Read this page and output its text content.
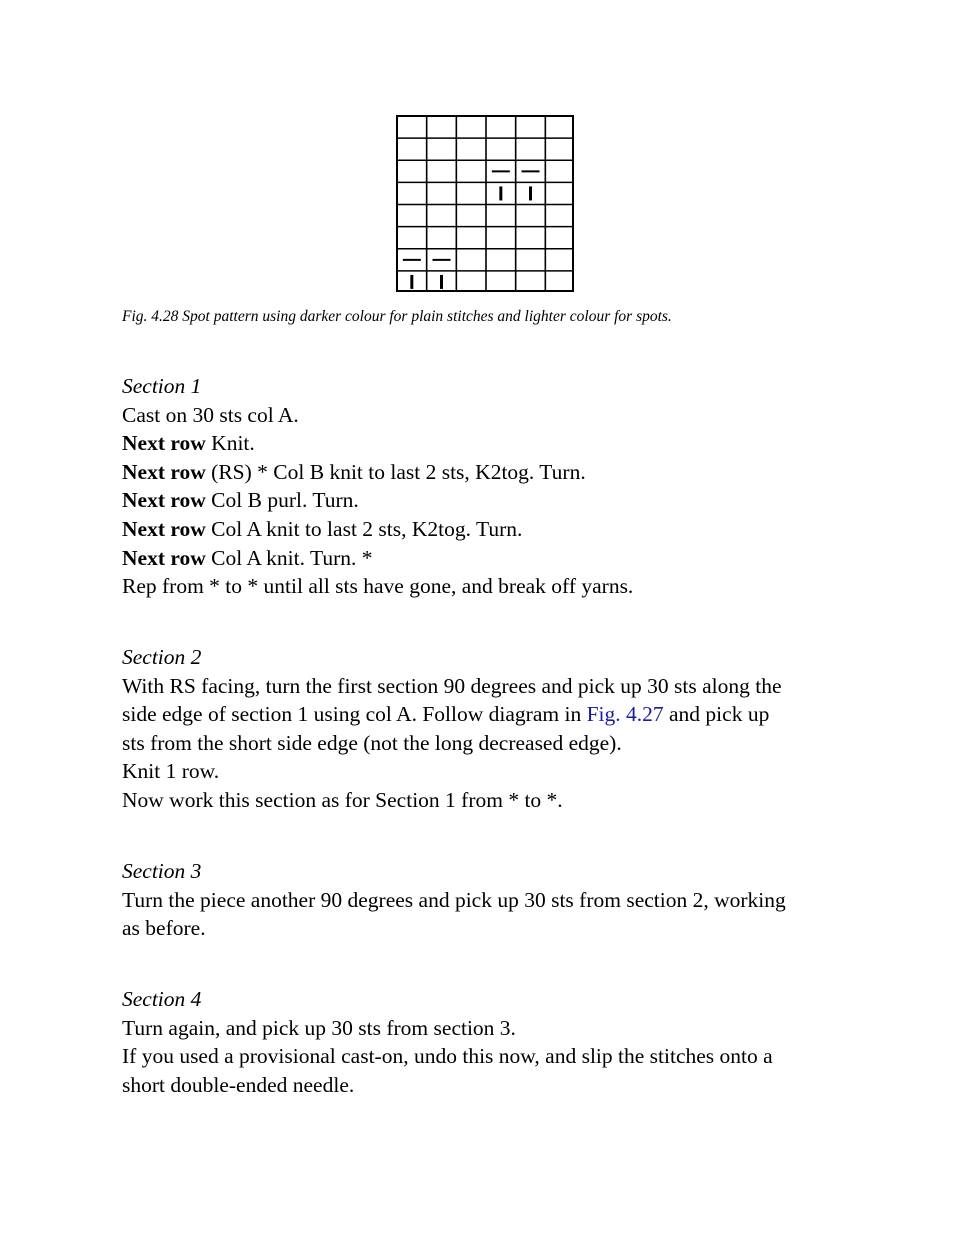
Fig. 4.28 Spot pattern using darker colour for plain stitches and lighter colour for spots.
Section 1
Cast on 30 sts col A.
Next row Knit.
Next row (RS) * Col B knit to last 2 sts, K2tog. Turn.
Next row Col B purl. Turn.
Next row Col A knit to last 2 sts, K2tog. Turn.
Next row Col A knit. Turn. *
Rep from * to * until all sts have gone, and break off yarns.
Section 2
With RS facing, turn the first section 90 degrees and pick up 30 sts along the
side edge of section 1 using col A. Follow diagram in Fig. 4.27 and pick up
sts from the short side edge (not the long decreased edge).
Knit 1 row.
Now work this section as for Section 1 from * to *.
Section 3
Turn the piece another 90 degrees and pick up 30 sts from section 2, working
as before.
Section 4
Turn again, and pick up 30 sts from section 3.
If you used a provisional cast-on, undo this now, and slip the stitches onto a
short double-ended needle.
